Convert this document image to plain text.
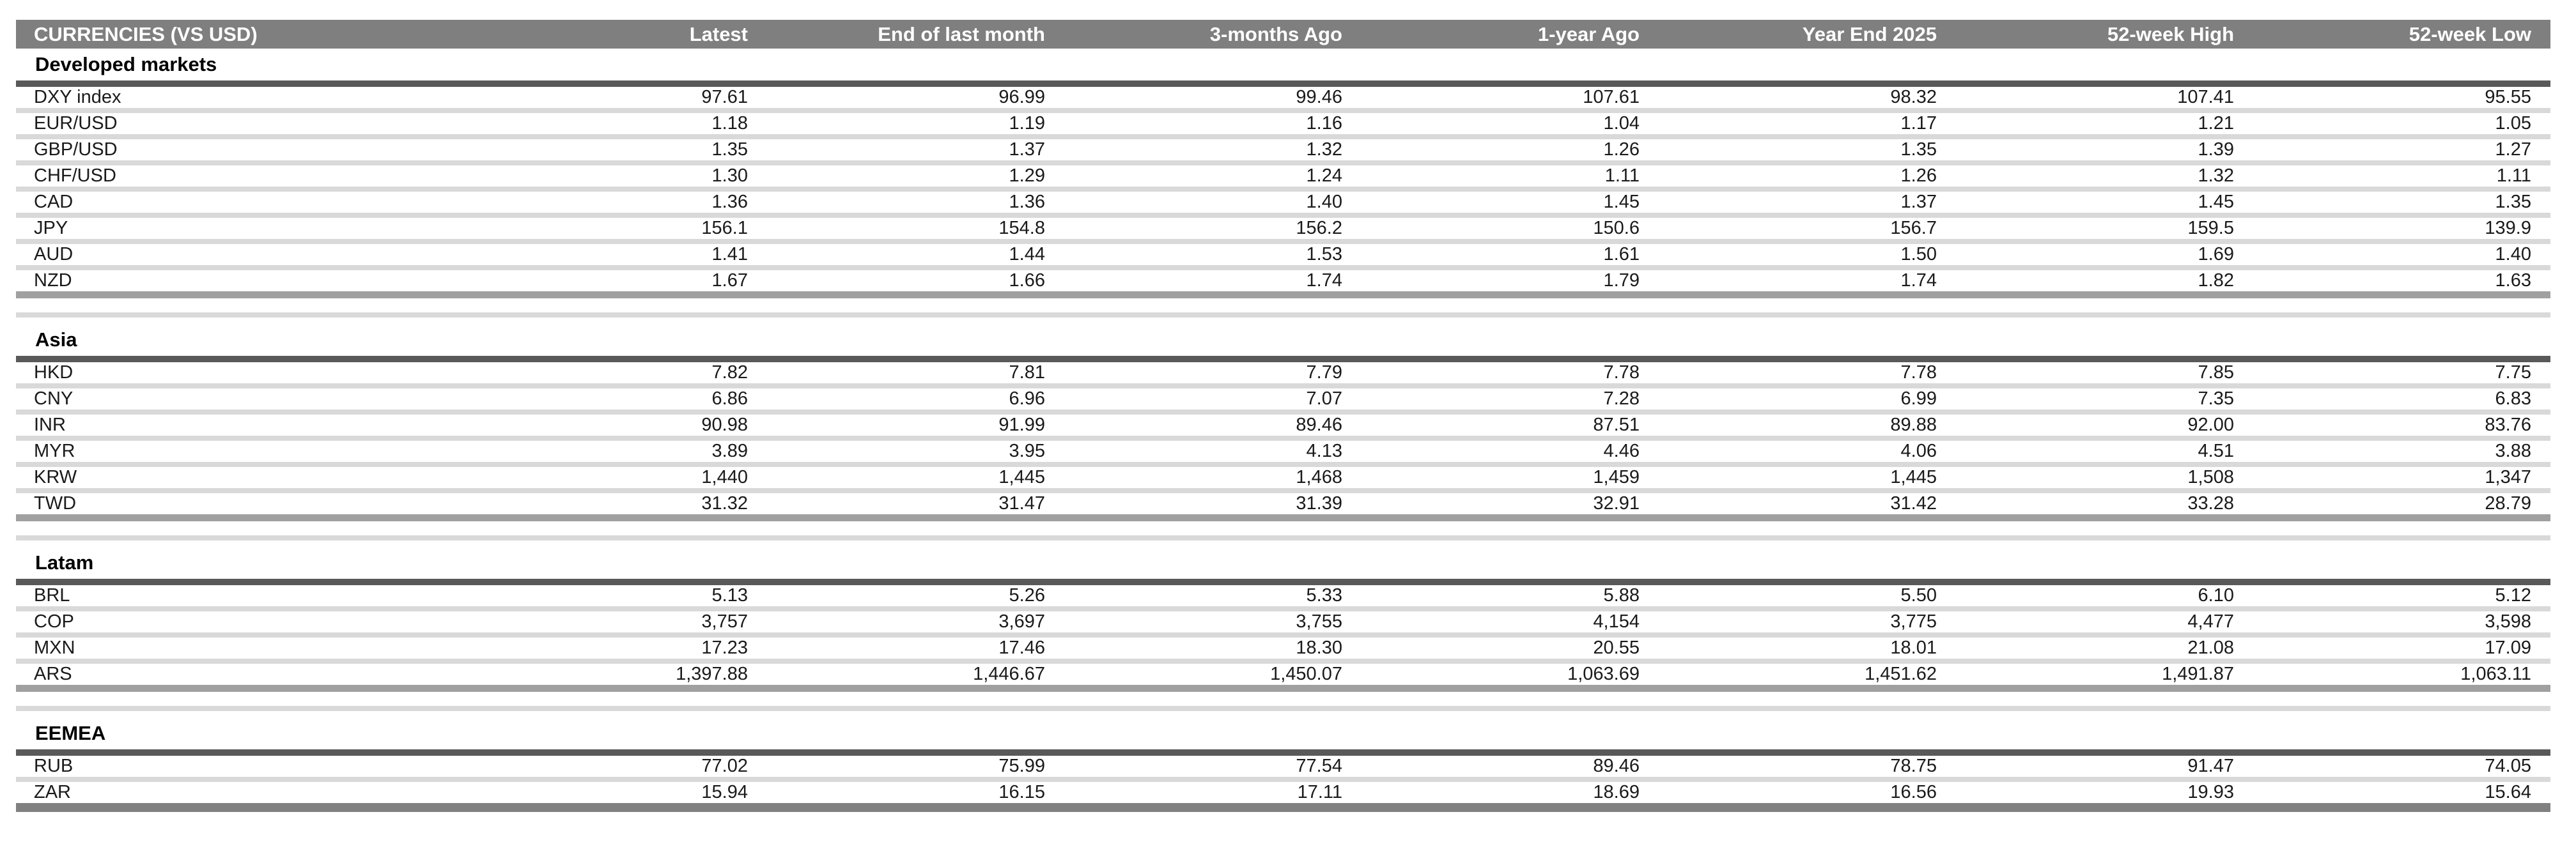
CURRENCIES (VS USD)	Latest	End of last month	3-months Ago	1-year Ago	Year End 2025	52-week High	52-week Low
Developed markets
DXY index	97.61	96.99	99.46	107.61	98.32	107.41	95.55
EUR/USD	1.18	1.19	1.16	1.04	1.17	1.21	1.05
GBP/USD	1.35	1.37	1.32	1.26	1.35	1.39	1.27
CHF/USD	1.30	1.29	1.24	1.11	1.26	1.32	1.11
CAD	1.36	1.36	1.40	1.45	1.37	1.45	1.35
JPY	156.1	154.8	156.2	150.6	156.7	159.5	139.9
AUD	1.41	1.44	1.53	1.61	1.50	1.69	1.40
NZD	1.67	1.66	1.74	1.79	1.74	1.82	1.63
Asia
HKD	7.82	7.81	7.79	7.78	7.78	7.85	7.75
CNY	6.86	6.96	7.07	7.28	6.99	7.35	6.83
INR	90.98	91.99	89.46	87.51	89.88	92.00	83.76
MYR	3.89	3.95	4.13	4.46	4.06	4.51	3.88
KRW	1,440	1,445	1,468	1,459	1,445	1,508	1,347
TWD	31.32	31.47	31.39	32.91	31.42	33.28	28.79
Latam
BRL	5.13	5.26	5.33	5.88	5.50	6.10	5.12
COP	3,757	3,697	3,755	4,154	3,775	4,477	3,598
MXN	17.23	17.46	18.30	20.55	18.01	21.08	17.09
ARS	1,397.88	1,446.67	1,450.07	1,063.69	1,451.62	1,491.87	1,063.11
EEMEA
RUB	77.02	75.99	77.54	89.46	78.75	91.47	74.05
ZAR	15.94	16.15	17.11	18.69	16.56	19.93	15.64
